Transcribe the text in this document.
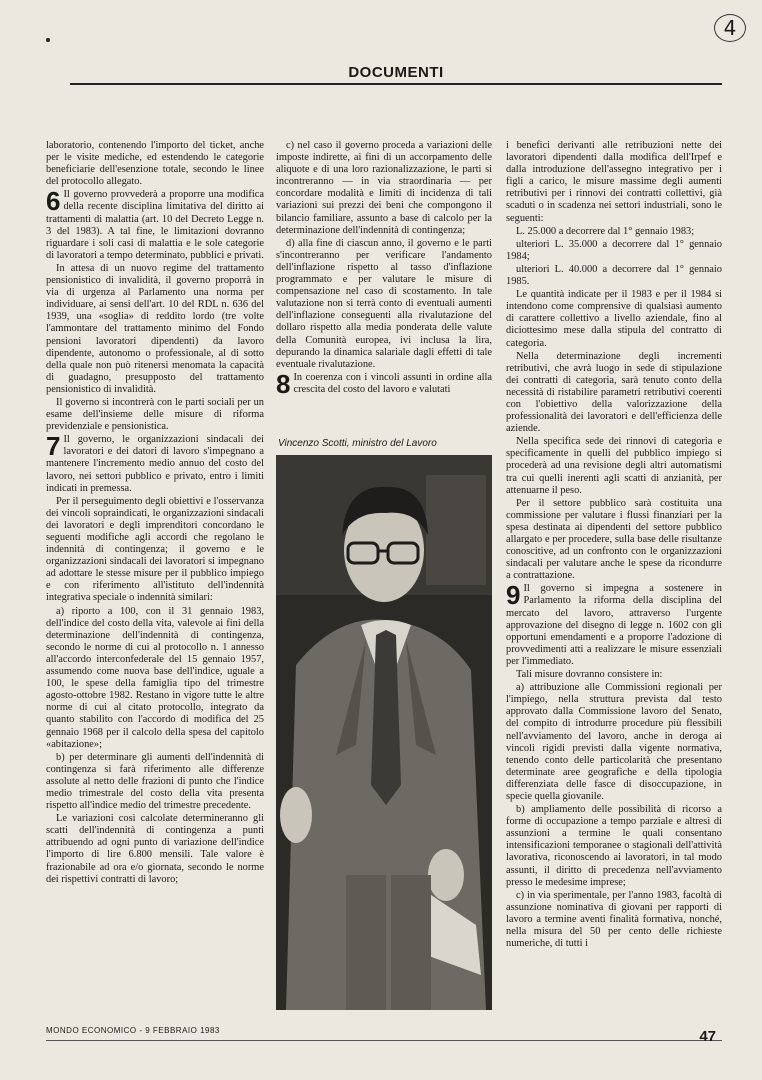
4
DOCUMENTI

laboratorio, contenendo l'importo del ticket, anche per le visite mediche, ed estendendo le categorie beneficiarie dell'esenzione totale, secondo le linee del protocollo allegato.

6 Il governo provvederà a proporre una modifica della recente disciplina limitativa del diritto ai trattamenti di malattia (art. 10 del Decreto Legge n. 3 del 1983). A tal fine, le limitazioni dovranno riguardare i soli casi di malattia e le sole categorie di lavoratori a tempo determinato, pubblici e privati.

In attesa di un nuovo regime del trattamento pensionistico di invalidità, il governo proporrà in via di urgenza al Parlamento una norma per individuare, ai sensi dell'art. 10 del RDL n. 636 del 1939, una «soglia» di reddito lordo (tre volte l'ammontare del trattamento minimo del Fondo pensioni lavoratori dipendenti) da lavoro dipendente, autonomo o professionale, al di sotto della quale non può ritenersi menomata la capacità di guadagno, presupposto del trattamento pensionistico di invalidità.

Il governo si incontrerà con le parti sociali per un esame dell'insieme delle misure di riforma previdenziale e pensionistica.

7 Il governo, le organizzazioni sindacali dei lavoratori e dei datori di lavoro s'impegnano a mantenere l'incremento medio annuo del costo del lavoro, nei settori pubblico e privato, entro i limiti indicati in premessa.

Per il perseguimento degli obiettivi e l'osservanza dei vincoli sopraindicati, le organizzazioni sindacali dei lavoratori e degli imprenditori concordano le seguenti modifiche agli accordi che regolano le indennità di contingenza; il governo e le organizzazioni sindacali dei lavoratori si impegnano ad adottare le stesse misure per il pubblico impiego e con riferimento all'istituto dell'indennità integrativa speciale o indennità similari:

a) riporto a 100, con il 31 gennaio 1983, dell'indice del costo della vita, valevole ai fini della determinazione dell'indennità di contingenza, secondo le norme di cui al protocollo n. 1 annesso all'accordo interconfederale del 15 gennaio 1957, assumendo come nuova base dell'indice, uguale a 100, le spese della famiglia tipo del trimestre agosto-ottobre 1982. Restano in vigore tutte le altre norme di cui al citato protocollo, integrato da quanto stabilito con l'accordo di modifica del 25 gennaio 1968 per il calcolo della spesa del capitolo «abitazione»;

b) per determinare gli aumenti dell'indennità di contingenza si farà riferimento alle differenze assolute al netto delle frazioni di punto che l'indice medio trimestrale del costo della vita presenta rispetto all'indice medio del trimestre precedente.

Le variazioni così calcolate determineranno gli scatti dell'indennità di contingenza a punti attribuendo ad ogni punto di variazione dell'indice l'importo di lire 6.800 mensili. Tale valore è frazionabile ad ora e/o giornata, secondo le norme dei rispettivi contratti di lavoro;

c) nel caso il governo proceda a variazioni delle imposte indirette, ai fini di un accorpamento delle aliquote e di una loro razionalizzazione, le parti si incontreranno — in via straordinaria — per concordare modalità e limiti di incidenza di tali variazioni sui prezzi dei beni che compongono il bilancio familiare, assunto a base di calcolo per la determinazione dell'indennità di contingenza;

d) alla fine di ciascun anno, il governo e le parti s'incontreranno per verificare l'andamento dell'inflazione rispetto al tasso d'inflazione programmato e per valutare le misure di compensazione nel caso di scostamento. In tale valutazione non si terrà conto di eventuali aumenti dell'inflazione conseguenti alla rivalutazione del dollaro rispetto alla media ponderata delle valute della Comunità europea, ivi inclusa la lira, depurando la dinamica salariale dagli effetti di tale eventuale rivalutazione.

8 In coerenza con i vincoli assunti in ordine alla crescita del costo del lavoro e valutati

Vincenzo Scotti, ministro del Lavoro

i benefici derivanti alle retribuzioni nette dei lavoratori dipendenti dalla modifica dell'Irpef e dalla introduzione dell'assegno integrativo per i figli a carico, le misure massime degli aumenti retributivi per i rinnovi dei contratti collettivi, già scaduti o in scadenza nei settori industriali, sono le seguenti:

L. 25.000 a decorrere dal 1° gennaio 1983;

ulteriori L. 35.000 a decorrere dal 1° gennaio 1984;

ulteriori L. 40.000 a decorrere dal 1° gennaio 1985.

Le quantità indicate per il 1983 e per il 1984 si intendono come comprensive di qualsiasi aumento di carattere collettivo a livello aziendale, fino al diciottesimo mese dalla stipula del contratto di categoria.

Nella determinazione degli incrementi retributivi, che avrà luogo in sede di stipulazione dei contratti di categoria, sarà tenuto conto della necessità di ristabilire parametri retributivi coerenti con l'obiettivo della valorizzazione della professionalità dei lavoratori e dell'efficienza delle aziende.

Nella specifica sede dei rinnovi di categoria e specificamente in quelli del pubblico impiego si procederà ad una revisione degli altri automatismi tra cui quelli inerenti agli scatti di anzianità, per attenuarne il peso.

Per il settore pubblico sarà costituita una commissione per valutare i flussi finanziari per la spesa destinata ai dipendenti del settore pubblico allargato e per procedere, sulla base delle risultanze conoscitive, ad un confronto con le organizzazioni sindacali per valutare anche le spese da ricondurre a contrattazione.

9 Il governo si impegna a sostenere in Parlamento la riforma della disciplina del mercato del lavoro, attraverso l'urgente approvazione del disegno di legge n. 1602 con gli opportuni emendamenti e a proporre l'adozione di provvedimenti atti a realizzare le misure essenziali per l'immediato.

Tali misure dovranno consistere in:

a) attribuzione alle Commissioni regionali per l'impiego, nella struttura prevista dal testo approvato dalla Commissione lavoro del Senato, del compito di introdurre procedure più flessibili nell'avviamento del lavoro, anche in deroga ai vincoli rigidi previsti dalla vigente normativa, tenendo conto delle particolarità che presentano determinate aree geografiche e della tipologia differenziata delle fasce di disoccupazione, in specie quella giovanile.

b) ampliamento delle possibilità di ricorso a forme di occupazione a tempo parziale e altresì di assunzioni a termine le quali consentano intensificazioni temporanee o stagionali dell'attività lavorativa, riconoscendo ai lavoratori, in tal modo assunti, il diritto di precedenza nell'avviamento presso le medesime imprese;

c) in via sperimentale, per l'anno 1983, facoltà di assunzione nominativa di giovani per rapporti di lavoro a termine aventi finalità formativa, nonché, nella misura del 50 per cento delle richieste numeriche, di tutti i

MONDO ECONOMICO - 9 FEBBRAIO 1983	47
